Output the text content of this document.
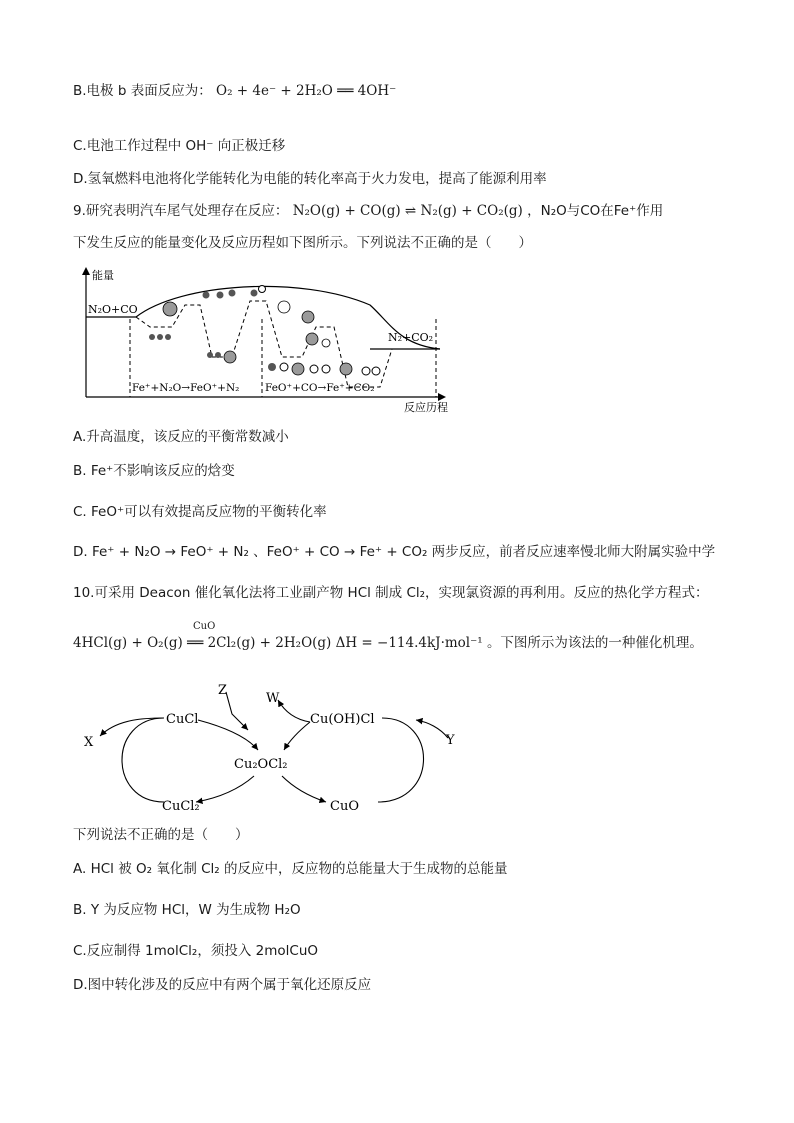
B.电极 b 表面反应为： O₂ + 4e⁻ + 2H₂O ══ 4OH⁻
C.电池工作过程中 OH⁻ 向正极迁移
D.氢氧燃料电池将化学能转化为电能的转化率高于火力发电，提高了能源利用率
9.研究表明汽车尾气处理存在反应： N₂O(g) + CO(g) ⇌ N₂(g) + CO₂(g) ，N₂O与CO在Fe⁺作用
下发生反应的能量变化及反应历程如下图所示。下列说法不正确的是（　　）
能量
反应历程
N₂O+CO
N₂+CO₂
Fe⁺+N₂O→FeO⁺+N₂ FeO⁺+CO→Fe⁺+CO₂
A.升高温度，该反应的平衡常数减小
B. Fe⁺不影响该反应的焓变
C. FeO⁺可以有效提高反应物的平衡转化率
D. Fe⁺ + N₂O → FeO⁺ + N₂ 、FeO⁺ + CO → Fe⁺ + CO₂ 两步反应，前者反应速率慢北师大附属实验中学
10.可采用 Deacon 催化氧化法将工业副产物 HCl 制成 Cl₂，实现氯资源的再利用。反应的热化学方程式：
CuO
4HCl(g) + O₂(g) ══ 2Cl₂(g) + 2H₂O(g) ΔH = −114.4kJ·mol⁻¹ 。下图所示为该法的一种催化机理。
CuCl	Cu(OH)Cl
Cu₂OCl₂
CuCl₂	CuO
X	Y
Z
W
下列说法不正确的是（　　）
A. HCl 被 O₂ 氧化制 Cl₂ 的反应中，反应物的总能量大于生成物的总能量
B. Y 为反应物 HCl，W 为生成物 H₂O
C.反应制得 1molCl₂，须投入 2molCuO
D.图中转化涉及的反应中有两个属于氧化还原反应
